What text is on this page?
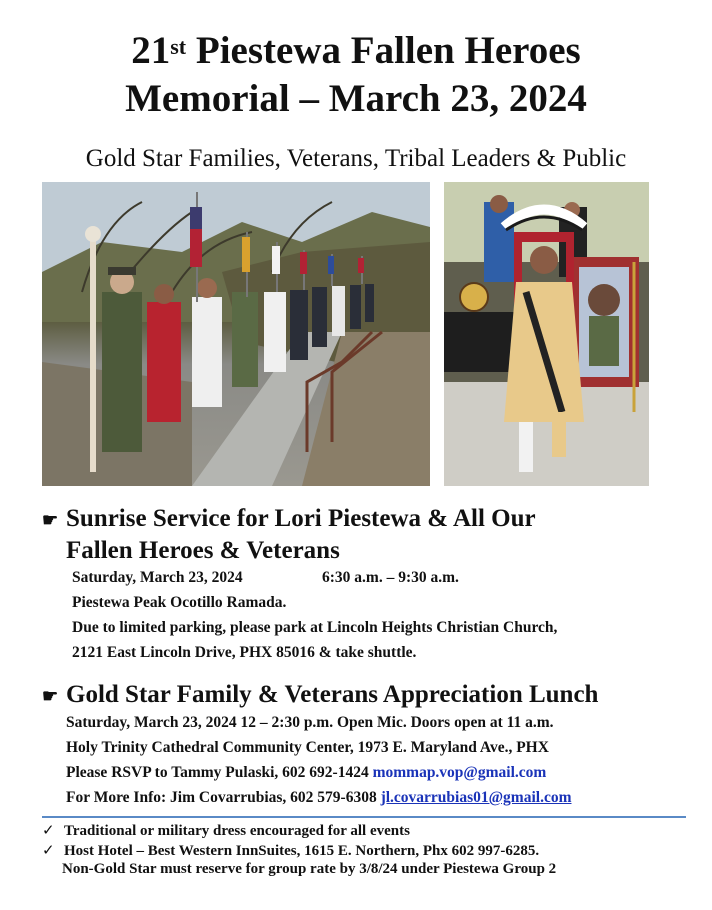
21st Piestewa Fallen Heroes
Memorial – March 23, 2024
Gold Star Families, Veterans, Tribal Leaders & Public
☛ Sunrise Service for Lori Piestewa & All Our
Fallen Heroes & Veterans
Saturday, March 23, 2024	6:30 a.m. – 9:30 a.m.
Piestewa Peak Ocotillo Ramada.
Due to limited parking, please park at Lincoln Heights Christian Church,
2121 East Lincoln Drive, PHX 85016 & take shuttle.
☛ Gold Star Family & Veterans Appreciation Lunch
Saturday, March 23, 2024 12 – 2:30 p.m. Open Mic. Doors open at 11 a.m.
Holy Trinity Cathedral Community Center, 1973 E. Maryland Ave., PHX
Please RSVP to Tammy Pulaski, 602 692-1424 mommap.vop@gmail.com
For More Info: Jim Covarrubias, 602 579-6308 jl.covarrubias01@gmail.com
✓ Traditional or military dress encouraged for all events
✓ Host Hotel – Best Western InnSuites, 1615 E. Northern, Phx 602 997-6285.
Non-Gold Star must reserve for group rate by 3/8/24 under Piestewa Group 2
